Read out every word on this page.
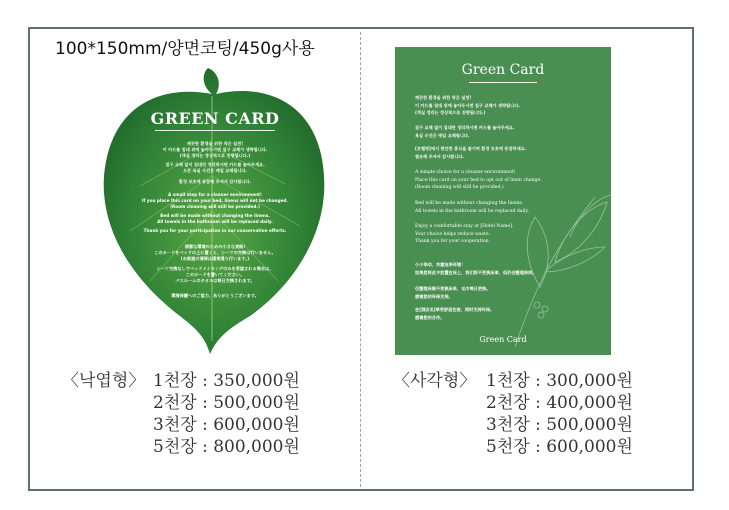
100*150mm/양면코팅/450g사용
GREEN CARD
깨끗한 환경을 위한 작은 실천!
이 카드를 침대 위에 놓아두시면 침구 교체가 생략됩니다.
(객실 정리는 정상적으로 진행됩니다.)
침구 교체 없이 침대만 정리하시면 카드를 놓아주세요.
오픈 욕실 수건은 매일 교체됩니다.
환경 보호에 동참해 주셔서 감사합니다.
A small step for a cleaner environment!
If you place this card on your bed, linens will not be changed.
(Room cleaning will still be provided.)
Bed will be made without changing the linens.
All towels in the bathroom will be replaced daily.
Thank you for your participation in our conservation efforts.
清潔な環境のための小さな実践!
このカードをベッドの上に置くと、シーツの交換は行いません。
(お部屋の清掃は通常通り行います。)
シーツ交換なしでベッドメイキングのみを希望される場合は、
このカードを置いてください。
バスルームのタオルは毎日交換されます。
環境保護へのご協力、ありがとうございます。
Green Card
깨끗한 환경을 위한 작은 실천!
이 카드를 침대 위에 놓아두시면 침구 교체가 생략됩니다.
(객실 정리는 정상적으로 진행됩니다.)
침구 교체 없이 침대만 정리하시면 카드를 놓아주세요.
욕실 수건은 매일 교체됩니다.
[호텔명]에서 편안한 휴식을 즐기며 환경 보호에 동참하세요.
협조해 주셔서 감사합니다.
A simple choice for a cleaner environment!
Place this card on your bed to opt out of linen change.
(Room cleaning will still be provided.)
Bed will be made without changing the linens.
All towels in the bathroom will be replaced daily.
Enjoy a comfortable stay at [Hotel Name].
Your choice helps reduce waste.
Thank you for your cooperation.
小小举动，共建洁净环境！
如果您将此卡放置在床上，我们将不更换床单，但仍会整理房间。
仅整理床铺不更换床单，毛巾每日更换。
感谢您的环保支持。
在[酒店名]享受舒适住宿，同时支持环保。
感谢您的合作。
Green Card
〈낙엽형〉 1천장 : 350,000원
2천장 : 500,000원
3천장 : 600,000원
5천장 : 800,000원
〈사각형〉 1천장 : 300,000원
2천장 : 400,000원
3천장 : 500,000원
5천장 : 600,000원
